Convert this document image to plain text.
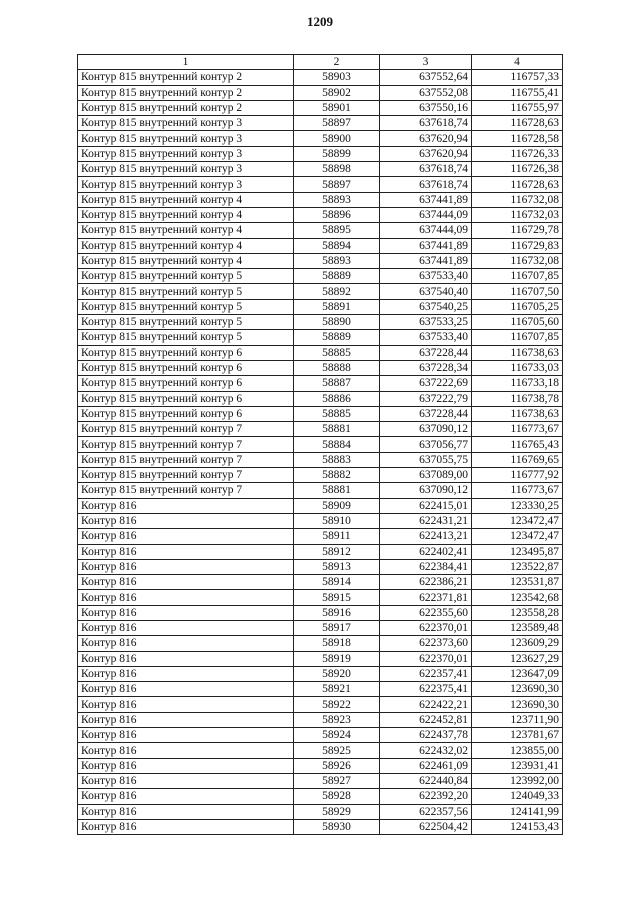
1209
1	2	3	4
Контур 815 внутренний контур 2	58903	637552,64	116757,33
Контур 815 внутренний контур 2	58902	637552,08	116755,41
Контур 815 внутренний контур 2	58901	637550,16	116755,97
Контур 815 внутренний контур 3	58897	637618,74	116728,63
Контур 815 внутренний контур 3	58900	637620,94	116728,58
Контур 815 внутренний контур 3	58899	637620,94	116726,33
Контур 815 внутренний контур 3	58898	637618,74	116726,38
Контур 815 внутренний контур 3	58897	637618,74	116728,63
Контур 815 внутренний контур 4	58893	637441,89	116732,08
Контур 815 внутренний контур 4	58896	637444,09	116732,03
Контур 815 внутренний контур 4	58895	637444,09	116729,78
Контур 815 внутренний контур 4	58894	637441,89	116729,83
Контур 815 внутренний контур 4	58893	637441,89	116732,08
Контур 815 внутренний контур 5	58889	637533,40	116707,85
Контур 815 внутренний контур 5	58892	637540,40	116707,50
Контур 815 внутренний контур 5	58891	637540,25	116705,25
Контур 815 внутренний контур 5	58890	637533,25	116705,60
Контур 815 внутренний контур 5	58889	637533,40	116707,85
Контур 815 внутренний контур 6	58885	637228,44	116738,63
Контур 815 внутренний контур 6	58888	637228,34	116733,03
Контур 815 внутренний контур 6	58887	637222,69	116733,18
Контур 815 внутренний контур 6	58886	637222,79	116738,78
Контур 815 внутренний контур 6	58885	637228,44	116738,63
Контур 815 внутренний контур 7	58881	637090,12	116773,67
Контур 815 внутренний контур 7	58884	637056,77	116765,43
Контур 815 внутренний контур 7	58883	637055,75	116769,65
Контур 815 внутренний контур 7	58882	637089,00	116777,92
Контур 815 внутренний контур 7	58881	637090,12	116773,67
Контур 816	58909	622415,01	123330,25
Контур 816	58910	622431,21	123472,47
Контур 816	58911	622413,21	123472,47
Контур 816	58912	622402,41	123495,87
Контур 816	58913	622384,41	123522,87
Контур 816	58914	622386,21	123531,87
Контур 816	58915	622371,81	123542,68
Контур 816	58916	622355,60	123558,28
Контур 816	58917	622370,01	123589,48
Контур 816	58918	622373,60	123609,29
Контур 816	58919	622370,01	123627,29
Контур 816	58920	622357,41	123647,09
Контур 816	58921	622375,41	123690,30
Контур 816	58922	622422,21	123690,30
Контур 816	58923	622452,81	123711,90
Контур 816	58924	622437,78	123781,67
Контур 816	58925	622432,02	123855,00
Контур 816	58926	622461,09	123931,41
Контур 816	58927	622440,84	123992,00
Контур 816	58928	622392,20	124049,33
Контур 816	58929	622357,56	124141,99
Контур 816	58930	622504,42	124153,43
